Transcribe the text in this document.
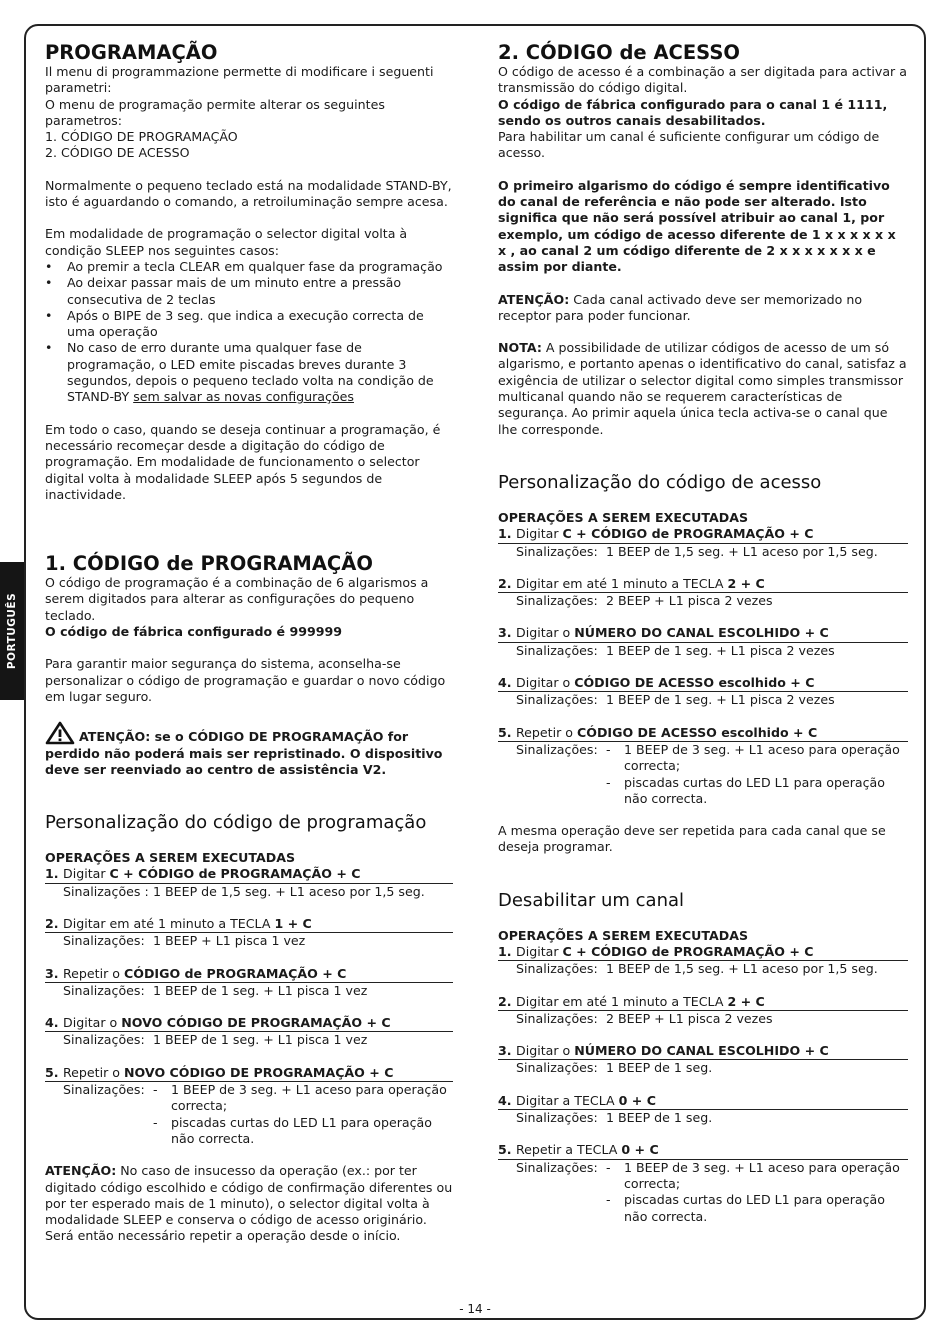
PORTUGUÊS
PROGRAMAÇÃO

Il menu di programmazione permette di modificare i seguenti parametri:

O menu de programação permite alterar os seguintes parametros:

1. CÓDIGO DE PROGRAMAÇÃO
2. CÓDIGO DE ACESSO

Normalmente o pequeno teclado está na modalidade STAND-BY, isto é aguardando o comando, a retroiluminação sempre acesa.

Em modalidade de programação o selector digital volta à condição SLEEP nos seguintes casos:

• Ao premir a tecla CLEAR em qualquer fase da programação
• Ao deixar passar mais de um minuto entre a pressão consecutiva de 2 teclas
• Após o BIPE de 3 seg. que indica a execução correcta de uma operação
• No caso de erro durante uma qualquer fase de programação, o LED emite piscadas breves durante 3 segundos, depois o pequeno teclado volta na condição de STAND-BY sem salvar as novas configurações

Em todo o caso, quando se deseja continuar a programação, é necessário recomeçar desde a digitação do código de programação. Em modalidade de funcionamento o selector digital volta à modalidade SLEEP após 5 segundos de inactividade.

1. CÓDIGO de PROGRAMAÇÃO

O código de programação é a combinação de 6 algarismos a serem digitados para alterar as configurações do pequeno teclado.

O código de fábrica configurado é 999999

Para garantir maior segurança do sistema, aconselha-se personalizar o código de programação e guardar o novo código em lugar seguro.

ATENÇÃO: se o CÓDIGO DE PROGRAMAÇÃO for perdido não poderá mais ser repristinado. O dispositivo deve ser reenviado ao centro de assistência V2.

Personalização do código de programação
OPERAÇÕES A SEREM EXECUTADAS
1. Digitar C + CÓDIGO de PROGRAMAÇÃO + C
Sinalizações : 1 BEEP de 1,5 seg. + L1 aceso por 1,5 seg.
2. Digitar em até 1 minuto a TECLA 1 + C
Sinalizações: 1 BEEP + L1 pisca 1 vez
3. Repetir o CÓDIGO de PROGRAMAÇÃO + C
Sinalizações: 1 BEEP de 1 seg. + L1 pisca 1 vez
4. Digitar o NOVO CÓDIGO DE PROGRAMAÇÃO + C
Sinalizações: 1 BEEP de 1 seg. + L1 pisca 1 vez
5. Repetir o NOVO CÓDIGO DE PROGRAMAÇÃO + C
Sinalizações: -	1 BEEP de 3 seg. + L1 aceso para operação correcta;
-	piscadas curtas do LED L1 para operação não correcta.

ATENÇÃO: No caso de insucesso da operação (ex.: por ter digitado código escolhido e código de confirmação diferentes ou por ter esperado mais de 1 minuto), o selector digital volta à modalidade SLEEP e conserva o código de acesso originário. Será então necessário repetir a operação desde o início.

2. CÓDIGO de ACESSO

O código de acesso é a combinação a ser digitada para activar a transmissão do código digital.

O código de fábrica configurado para o canal 1 é 1111, sendo os outros canais desabilitados.

Para habilitar um canal é suficiente configurar um código de acesso.

O primeiro algarismo do código é sempre identificativo do canal de referência e não pode ser alterado. Isto significa que não será possível atribuir ao canal 1, por exemplo, um código de acesso diferente de 1 x x x x x x x , ao canal 2 um código diferente de 2 x x x x x x x e assim por diante.

ATENÇÃO: Cada canal activado deve ser memorizado no receptor para poder funcionar.

NOTA: A possibilidade de utilizar códigos de acesso de um só algarismo, e portanto apenas o identificativo do canal, satisfaz a exigência de utilizar o selector digital como simples transmissor multicanal quando não se requerem características de segurança. Ao primir aquela única tecla activa-se o canal que lhe corresponde.

Personalização do código de acesso
OPERAÇÕES A SEREM EXECUTADAS
1. Digitar C + CÓDIGO de PROGRAMAÇÃO + C
Sinalizações: 1 BEEP de 1,5 seg. + L1 aceso por 1,5 seg.
2. Digitar em até 1 minuto a TECLA 2 + C
Sinalizações: 2 BEEP + L1 pisca 2 vezes
3. Digitar o NÚMERO DO CANAL ESCOLHIDO + C
Sinalizações: 1 BEEP de 1 seg. + L1 pisca 2 vezes
4. Digitar o CÓDIGO DE ACESSO escolhido + C
Sinalizações: 1 BEEP de 1 seg. + L1 pisca 2 vezes
5. Repetir o CÓDIGO DE ACESSO escolhido + C
Sinalizações: -	1 BEEP de 3 seg. + L1 aceso para operação correcta;
-	piscadas curtas do LED L1 para operação não correcta.

A mesma operação deve ser repetida para cada canal que se deseja programar.

Desabilitar um canal
OPERAÇÕES A SEREM EXECUTADAS
1. Digitar C + CÓDIGO de PROGRAMAÇÃO + C
Sinalizações: 1 BEEP de 1,5 seg. + L1 aceso por 1,5 seg.
2. Digitar em até 1 minuto a TECLA 2 + C
Sinalizações: 2 BEEP + L1 pisca 2 vezes
3. Digitar o NÚMERO DO CANAL ESCOLHIDO + C
Sinalizações: 1 BEEP de 1 seg.
4. Digitar a TECLA 0 + C
Sinalizações: 1 BEEP de 1 seg.
5. Repetir a TECLA 0 + C
Sinalizações: -	1 BEEP de 3 seg. + L1 aceso para operação correcta;
-	piscadas curtas do LED L1 para operação não correcta.
- 14 -
